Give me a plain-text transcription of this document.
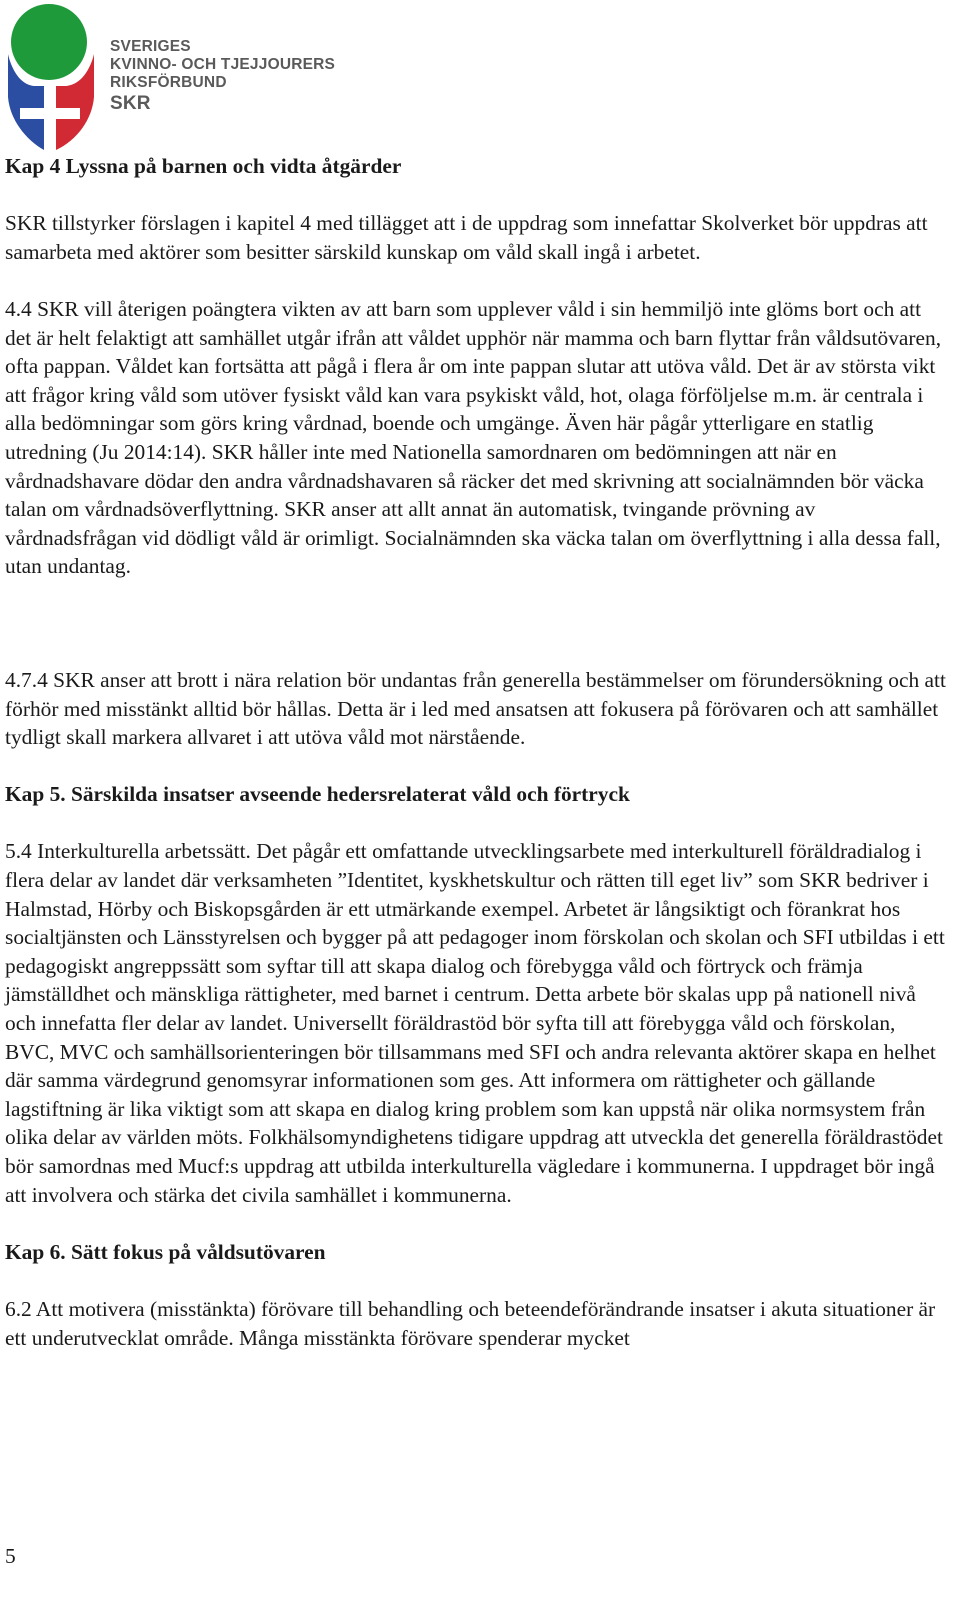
SVERIGES
KVINNO- OCH TJEJJOURERS
RIKSFÖRBUND
SKR
Kap 4 Lyssna på barnen och vidta åtgärder

SKR tillstyrker förslagen i kapitel 4 med tillägget att i de uppdrag som innefattar Skolverket bör uppdras att samarbeta med aktörer som besitter särskild kunskap om våld skall ingå i arbetet.

4.4 SKR vill återigen poängtera vikten av att barn som upplever våld i sin hemmiljö inte glöms bort och att det är helt felaktigt att samhället utgår ifrån att våldet upphör när mamma och barn flyttar från våldsutövaren, ofta pappan. Våldet kan fortsätta att pågå i flera år om inte pappan slutar att utöva våld. Det är av största vikt att frågor kring våld som utöver fysiskt våld kan vara psykiskt våld, hot, olaga förföljelse m.m. är centrala i alla bedömningar som görs kring vårdnad, boende och umgänge. Även här pågår ytterligare en statlig utredning (Ju 2014:14). SKR håller inte med Nationella samordnaren om bedömningen att när en vårdnadshavare dödar den andra vårdnadshavaren så räcker det med skrivning att socialnämnden bör väcka talan om vårdnadsöverflyttning. SKR anser att allt annat än automatisk, tvingande prövning av vårdnadsfrågan vid dödligt våld är orimligt. Socialnämnden ska väcka talan om överflyttning i alla dessa fall, utan undantag.

4.7.4 SKR anser att brott i nära relation bör undantas från generella bestämmelser om förundersökning och att förhör med misstänkt alltid bör hållas. Detta är i led med ansatsen att fokusera på förövaren och att samhället tydligt skall markera allvaret i att utöva våld mot närstående.

Kap 5. Särskilda insatser avseende hedersrelaterat våld och förtryck

5.4 Interkulturella arbetssätt. Det pågår ett omfattande utvecklingsarbete med interkulturell föräldradialog i flera delar av landet där verksamheten ”Identitet, kyskhetskultur och rätten till eget liv” som SKR bedriver i Halmstad, Hörby och Biskopsgården är ett utmärkande exempel. Arbetet är långsiktigt och förankrat hos socialtjänsten och Länsstyrelsen och bygger på att pedagoger inom förskolan och skolan och SFI utbildas i ett pedagogiskt angreppssätt som syftar till att skapa dialog och förebygga våld och förtryck och främja jämställdhet och mänskliga rättigheter, med barnet i centrum. Detta arbete bör skalas upp på nationell nivå och innefatta fler delar av landet. Universellt föräldrastöd bör syfta till att förebygga våld och förskolan, BVC, MVC och samhällsorienteringen bör tillsammans med SFI och andra relevanta aktörer skapa en helhet där samma värdegrund genomsyrar informationen som ges. Att informera om rättigheter och gällande lagstiftning är lika viktigt som att skapa en dialog kring problem som kan uppstå när olika normsystem från olika delar av världen möts. Folkhälsomyndighetens tidigare uppdrag att utveckla det generella föräldrastödet bör samordnas med Mucf:s uppdrag att utbilda interkulturella vägledare i kommunerna. I uppdraget bör ingå att involvera och stärka det civila samhället i kommunerna.

Kap 6. Sätt fokus på våldsutövaren

6.2 Att motivera (misstänkta) förövare till behandling och beteendeförändrande insatser i akuta situationer är ett underutvecklat område. Många misstänkta förövare spenderar mycket

5
